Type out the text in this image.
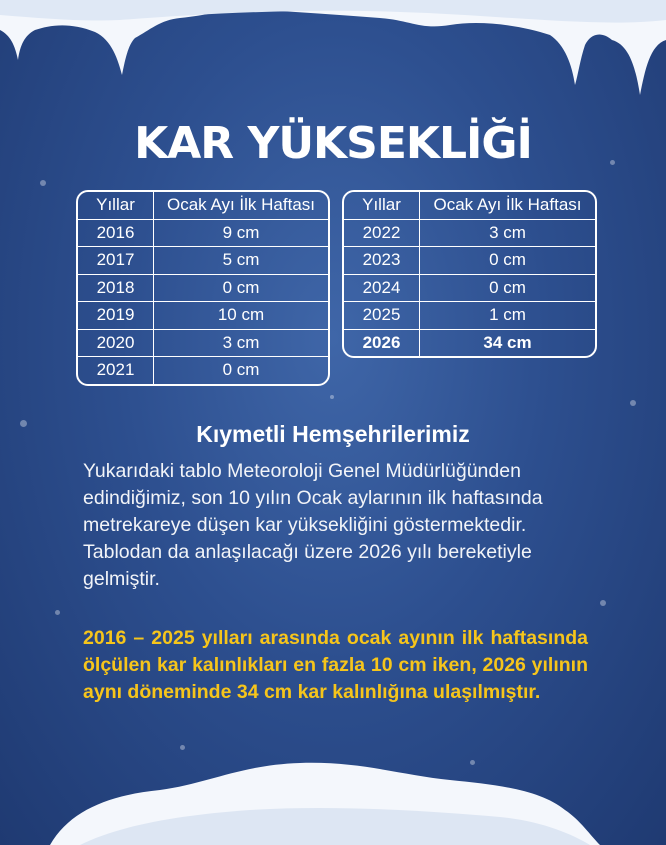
KAR YÜKSEKLİĞİ
Yıllar	Ocak Ayı İlk Haftası
2016	9 cm
2017	5 cm
2018	0 cm
2019	10 cm
2020	3 cm
2021	0 cm
Yıllar	Ocak Ayı İlk Haftası
2022	3 cm
2023	0 cm
2024	0 cm
2025	1 cm
2026	34 cm
Kıymetli Hemşehrilerimiz

Yukarıdaki tablo Meteoroloji Genel Müdürlüğünden edindiğimiz, son 10 yılın Ocak aylarının ilk haftasında metrekareye düşen kar yüksekliğini göstermektedir. Tablodan da anlaşılacağı üzere 2026 yılı bereketiyle gelmiştir.

2016 – 2025 yılları arasında ocak ayının ilk haftasında ölçülen kar kalınlıkları en fazla 10 cm iken, 2026 yılının aynı döneminde 34 cm kar kalınlığına ulaşılmıştır.
